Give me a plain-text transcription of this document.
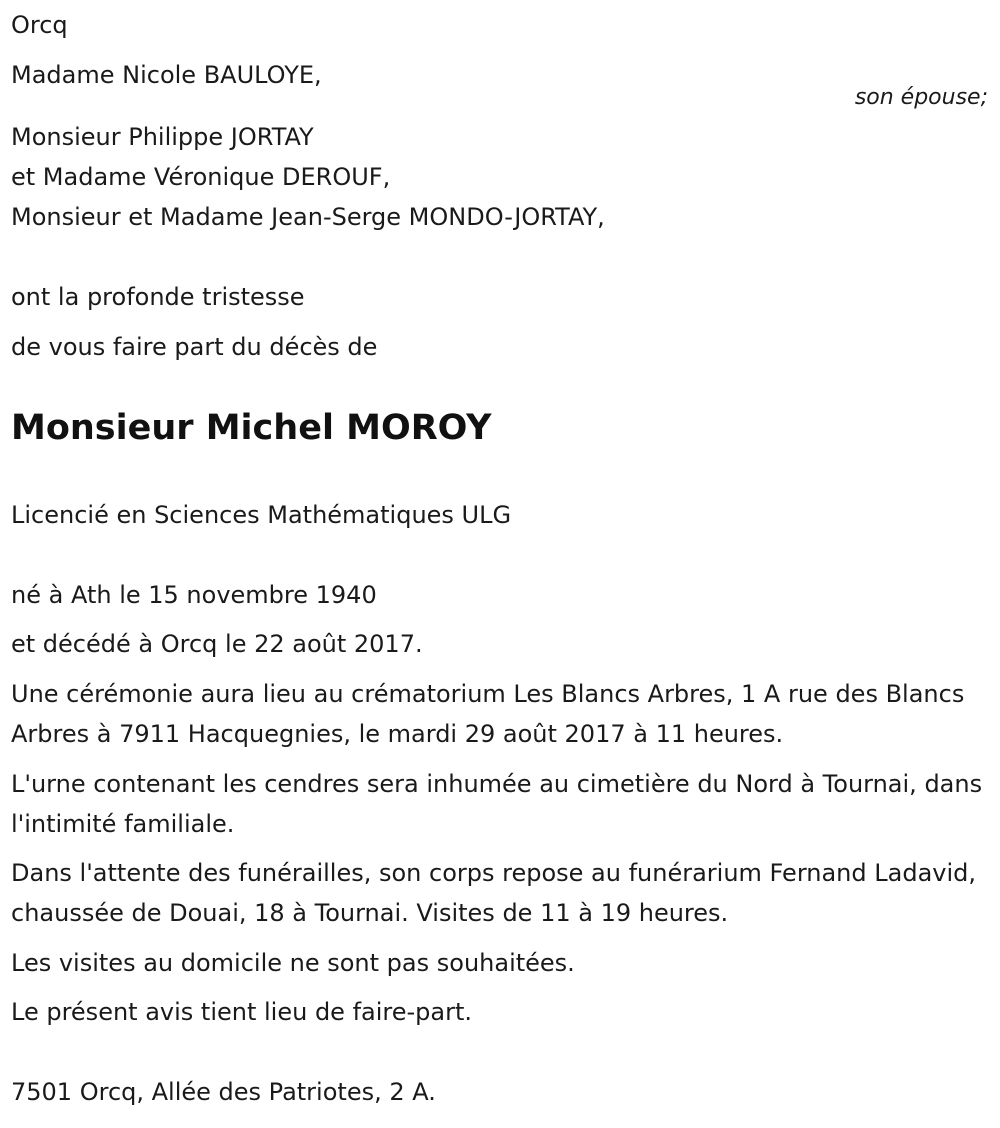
Orcq

Madame Nicole BAULOYE,

son épouse;

Monsieur Philippe JORTAY

et Madame Véronique DEROUF,

Monsieur et Madame Jean-Serge MONDO-JORTAY,

ont la profonde tristesse

de vous faire part du décès de

Monsieur Michel MOROY

Licencié en Sciences Mathématiques ULG

né à Ath le 15 novembre 1940

et décédé à Orcq le 22 août 2017.

Une cérémonie aura lieu au crématorium Les Blancs Arbres, 1 A rue des Blancs Arbres à 7911 Hacquegnies, le mardi 29 août 2017 à 11 heures.

L'urne contenant les cendres sera inhumée au cimetière du Nord à Tournai, dans l'intimité familiale.

Dans l'attente des funérailles, son corps repose au funérarium Fernand Ladavid, chaussée de Douai, 18 à Tournai. Visites de 11 à 19 heures.

Les visites au domicile ne sont pas souhaitées.

Le présent avis tient lieu de faire-part.

7501 Orcq, Allée des Patriotes, 2 A.
